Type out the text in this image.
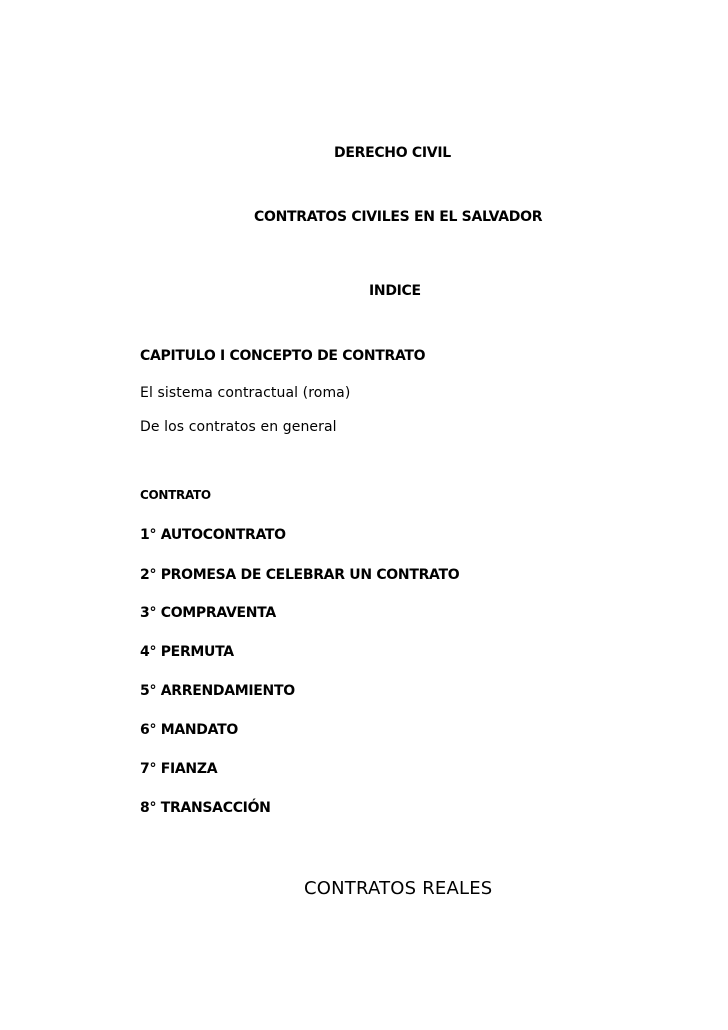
DERECHO CIVIL
CONTRATOS CIVILES EN EL SALVADOR
INDICE

CAPITULO I CONCEPTO DE CONTRATO

El sistema contractual (roma)

De los contratos en general

CONTRATO

1° AUTOCONTRATO

2° PROMESA DE CELEBRAR UN CONTRATO

3° COMPRAVENTA

4° PERMUTA

5° ARRENDAMIENTO

6° MANDATO

7° FIANZA

8° TRANSACCIÓN

CONTRATOS REALES
